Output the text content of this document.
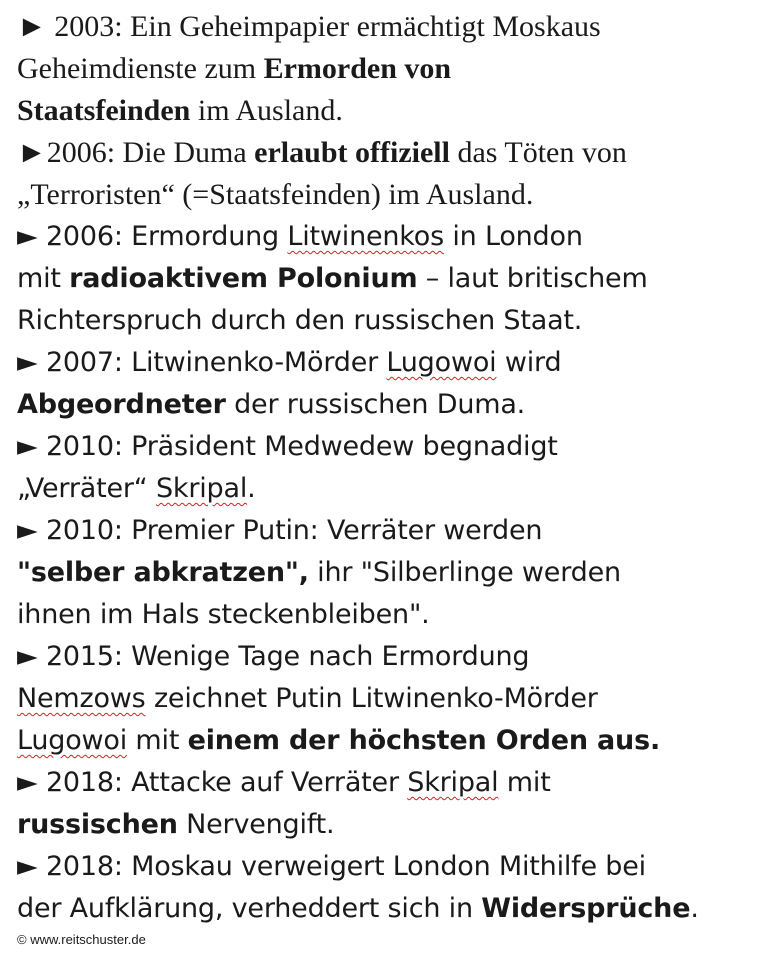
► 2003: Ein Geheimpapier ermächtigt Moskaus
Geheimdienste zum Ermorden von
Staatsfeinden im Ausland.
►2006: Die Duma erlaubt offiziell das Töten von
„Terroristen“ (=Staatsfeinden) im Ausland.
► 2006: Ermordung Litwinenkos in London
mit radioaktivem Polonium – laut britischem
Richterspruch durch den russischen Staat.
► 2007: Litwinenko-Mörder Lugowoi wird
Abgeordneter der russischen Duma.
► 2010: Präsident Medwedew begnadigt
„Verräter“ Skripal.
► 2010: Premier Putin: Verräter werden
"selber abkratzen", ihr "Silberlinge werden
ihnen im Hals steckenbleiben".
► 2015: Wenige Tage nach Ermordung
Nemzows zeichnet Putin Litwinenko-Mörder
Lugowoi mit einem der höchsten Orden aus.
► 2018: Attacke auf Verräter Skripal mit
russischen Nervengift.
► 2018: Moskau verweigert London Mithilfe bei
der Aufklärung, verheddert sich in Widersprüche.
© www.reitschuster.de
